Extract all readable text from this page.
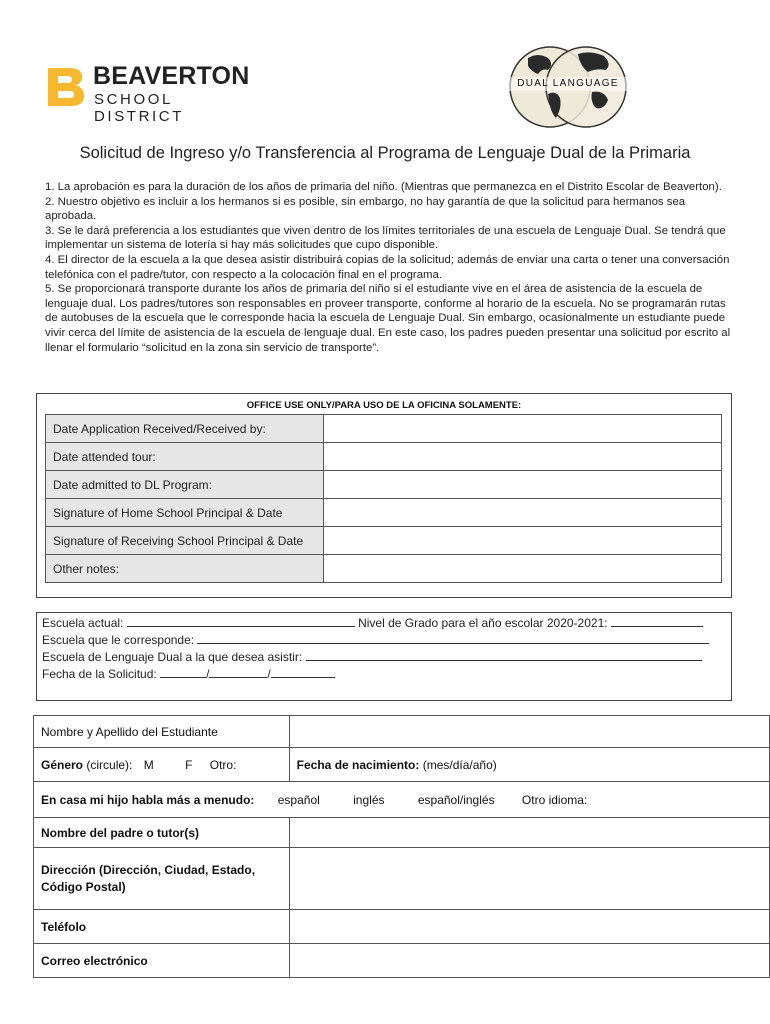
BEAVERTON
SCHOOL DISTRICT
DUAL LANGUAGE
Solicitud de Ingreso y/o Transferencia al Programa de Lenguaje Dual de la Primaria

1. La aprobación es para la duración de los años de primaria del niño. (Mientras que permanezca en el Distrito Escolar de Beaverton).

2. Nuestro objetivo es incluir a los hermanos si es posible, sin embargo, no hay garantía de que la solicitud para hermanos sea aprobada.

3. Se le dará preferencia a los estudiantes que viven dentro de los límites territoriales de una escuela de Lenguaje Dual. Se tendrá que implementar un sistema de lotería si hay más solicitudes que cupo disponible.

4. El director de la escuela a la que desea asistir distribuirá copias de la solicitud; además de enviar una carta o tener una conversación telefónica con el padre/tutor, con respecto a la colocación final en el programa.

5. Se proporcionará transporte durante los años de primaria del niño si el estudiante vive en el área de asistencia de la escuela de lenguaje dual. Los padres/tutores son responsables en proveer transporte, conforme al horario de la escuela. No se programarán rutas de autobuses de la escuela que le corresponde hacia la escuela de Lenguaje Dual. Sin embargo, ocasionalmente un estudiante puede vivir cerca del límite de asistencia de la escuela de lenguaje dual. En este caso, los padres pueden presentar una solicitud por escrito al llenar el formulario “solicitud en la zona sin servicio de transporte”.

OFFICE USE ONLY/PARA USO DE LA OFICINA SOLAMENTE:
Date Application Received/Received by:	
Date attended tour:	
Date admitted to DL Program:	
Signature of Home School Principal & Date	
Signature of Receiving School Principal & Date	
Other notes:	
Escuela actual:	Nivel de Grado para el año escolar 2020-2021:
Escuela que le corresponde:
Escuela de Lenguaje Dual a la que desea asistir:
Fecha de la Solicitud:	/	/
Nombre y Apellido del Estudiante	
Género (circule): M F Otro:	Fecha de nacimiento: (mes/día/año)
En casa mi hijo habla más a menudo: español inglés español/inglés Otro idioma:	
Nombre del padre o tutor(s)	
Dirección (Dirección, Ciudad, Estado,
Código Postal)	
Teléfolo	
Correo electrónico	
